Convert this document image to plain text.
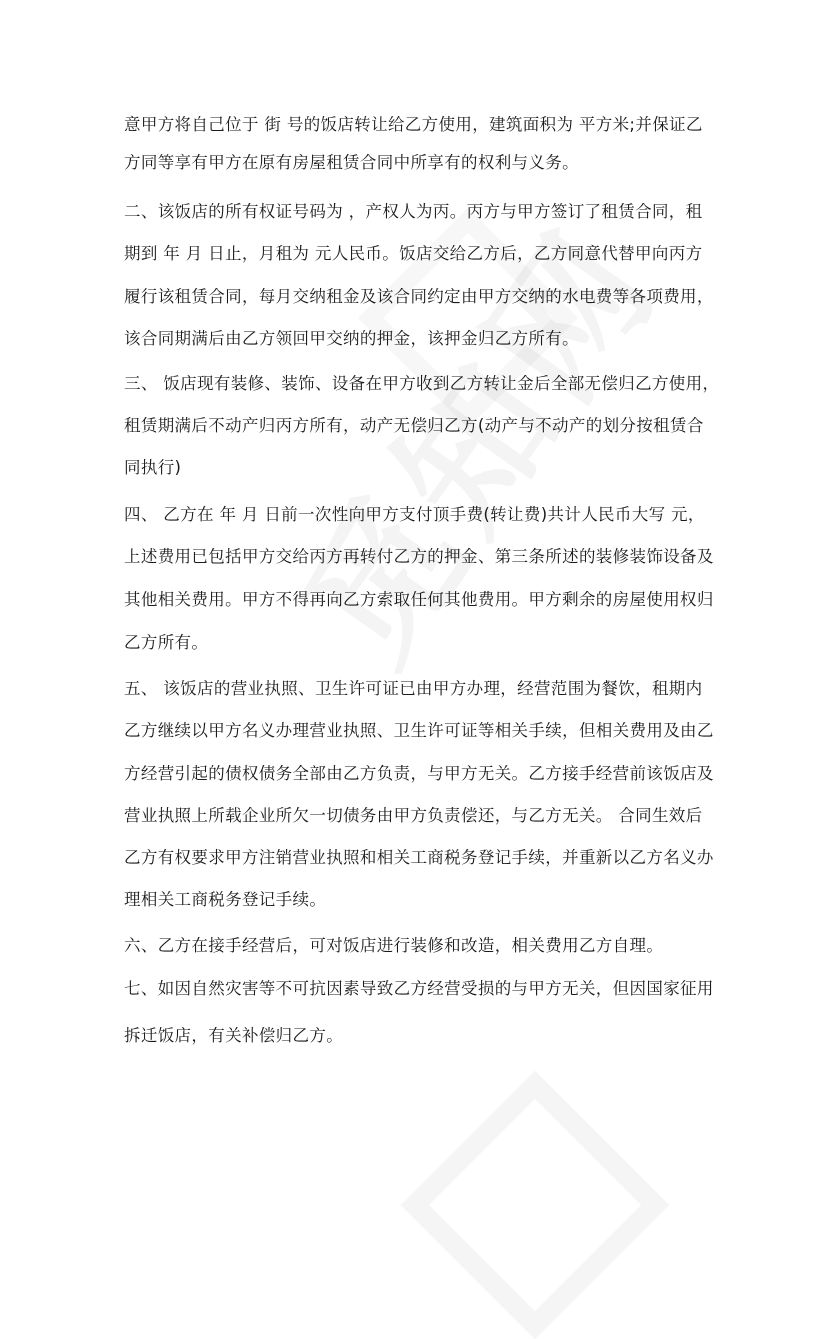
意甲方将自己位于 街 号的饭店转让给乙方使用，建筑面积为 平方米;并保证乙
方同等享有甲方在原有房屋租赁合同中所享有的权利与义务。
二、该饭店的所有权证号码为 ，产权人为丙。丙方与甲方签订了租赁合同，租
期到 年 月 日止，月租为 元人民币。饭店交给乙方后，乙方同意代替甲向丙方
履行该租赁合同，每月交纳租金及该合同约定由甲方交纳的水电费等各项费用，
该合同期满后由乙方领回甲交纳的押金，该押金归乙方所有。
三、 饭店现有装修、装饰、设备在甲方收到乙方转让金后全部无偿归乙方使用，
租赁期满后不动产归丙方所有，动产无偿归乙方(动产与不动产的划分按租赁合
同执行)
四、 乙方在 年 月 日前一次性向甲方支付顶手费(转让费)共计人民币大写 元，
上述费用已包括甲方交给丙方再转付乙方的押金、第三条所述的装修装饰设备及
其他相关费用。甲方不得再向乙方索取任何其他费用。甲方剩余的房屋使用权归
乙方所有。
五、 该饭店的营业执照、卫生许可证已由甲方办理，经营范围为餐饮，租期内
乙方继续以甲方名义办理营业执照、卫生许可证等相关手续，但相关费用及由乙
方经营引起的债权债务全部由乙方负责，与甲方无关。乙方接手经营前该饭店及
营业执照上所载企业所欠一切债务由甲方负责偿还，与乙方无关。 合同生效后
乙方有权要求甲方注销营业执照和相关工商税务登记手续，并重新以乙方名义办
理相关工商税务登记手续。
六、乙方在接手经营后，可对饭店进行装修和改造，相关费用乙方自理。
七、如因自然灾害等不可抗因素导致乙方经营受损的与甲方无关，但因国家征用
拆迁饭店，有关补偿归乙方。
